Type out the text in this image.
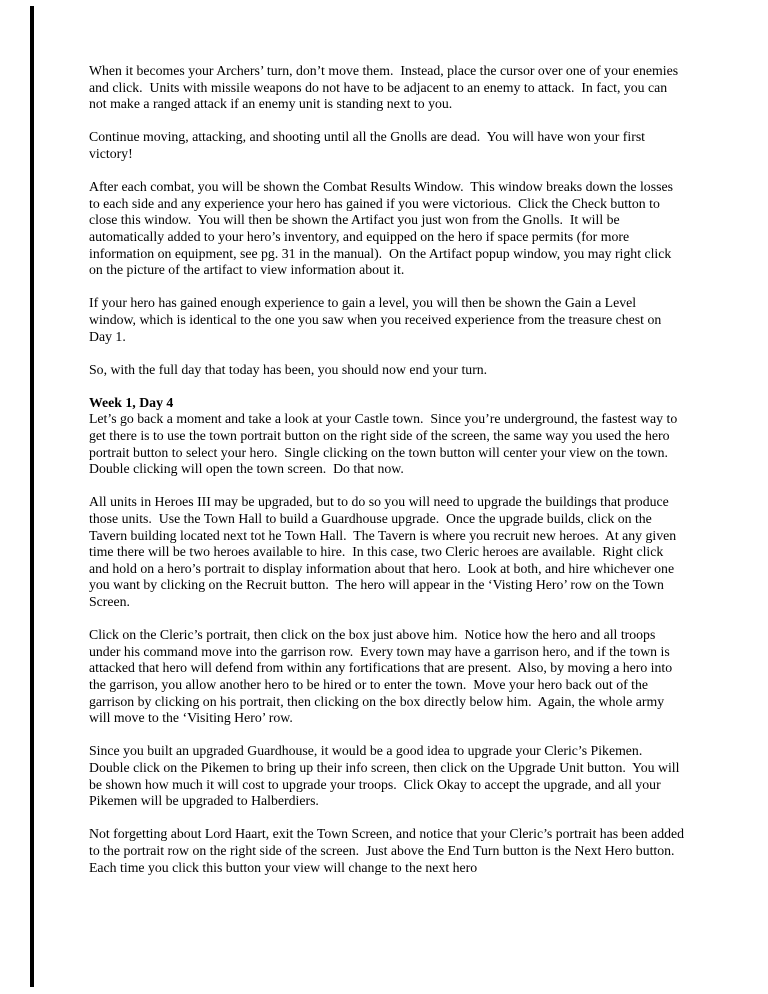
When it becomes your Archers’ turn, don’t move them.  Instead, place the cursor over one of your enemies and click.  Units with missile weapons do not have to be adjacent to an enemy to attack.  In fact, you can not make a ranged attack if an enemy unit is standing next to you.

Continue moving, attacking, and shooting until all the Gnolls are dead.  You will have won your first victory!

After each combat, you will be shown the Combat Results Window.  This window breaks down the losses to each side and any experience your hero has gained if you were victorious.  Click the Check button to close this window.  You will then be shown the Artifact you just won from the Gnolls.  It will be automatically added to your hero’s inventory, and equipped on the hero if space permits (for more information on equipment, see pg. 31 in the manual).  On the Artifact popup window, you may right click on the picture of the artifact to view information about it.

If your hero has gained enough experience to gain a level, you will then be shown the Gain a Level window, which is identical to the one you saw when you received experience from the treasure chest on Day 1.

So, with the full day that today has been, you should now end your turn.

Week 1, Day 4

Let’s go back a moment and take a look at your Castle town.  Since you’re underground, the fastest way to get there is to use the town portrait button on the right side of the screen, the same way you used the hero portrait button to select your hero.  Single clicking on the town button will center your view on the town.  Double clicking will open the town screen.  Do that now.

All units in Heroes III may be upgraded, but to do so you will need to upgrade the buildings that produce those units.  Use the Town Hall to build a Guardhouse upgrade.  Once the upgrade builds, click on the Tavern building located next tot he Town Hall.  The Tavern is where you recruit new heroes.  At any given time there will be two heroes available to hire.  In this case, two Cleric heroes are available.  Right click and hold on a hero’s portrait to display information about that hero.  Look at both, and hire whichever one you want by clicking on the Recruit button.  The hero will appear in the ‘Visting Hero’ row on the Town Screen.

Click on the Cleric’s portrait, then click on the box just above him.  Notice how the hero and all troops under his command move into the garrison row.  Every town may have a garrison hero, and if the town is attacked that hero will defend from within any fortifications that are present.  Also, by moving a hero into the garrison, you allow another hero to be hired or to enter the town.  Move your hero back out of the garrison by clicking on his portrait, then clicking on the box directly below him.  Again, the whole army will move to the ‘Visiting Hero’ row.

Since you built an upgraded Guardhouse, it would be a good idea to upgrade your Cleric’s Pikemen.  Double click on the Pikemen to bring up their info screen, then click on the Upgrade Unit button.  You will be shown how much it will cost to upgrade your troops.  Click Okay to accept the upgrade, and all your Pikemen will be upgraded to Halberdiers.

Not forgetting about Lord Haart, exit the Town Screen, and notice that your Cleric’s portrait has been added to the portrait row on the right side of the screen.  Just above the End Turn button is the Next Hero button.  Each time you click this button your view will change to the next hero
